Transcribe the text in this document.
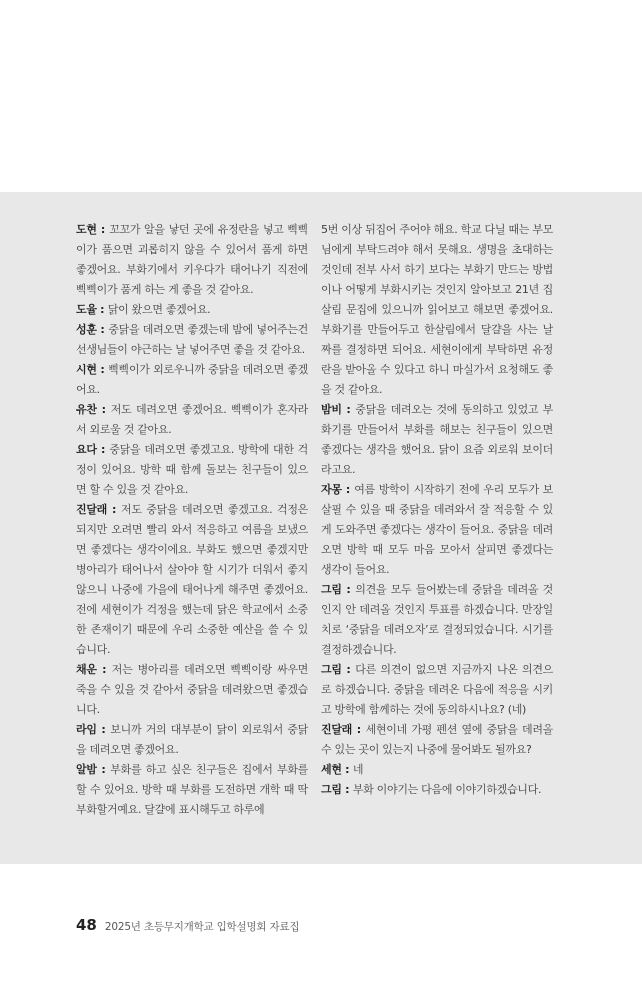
도현 : 꼬꼬가 알을 낳던 곳에 유정란을 넣고 삑삑이가 품으면 괴롭히지 않을 수 있어서 품게 하면 좋겠어요. 부화기에서 키우다가 태어나기 직전에 삑삑이가 품게 하는 게 좋을 것 같아요.

도율 : 닭이 왔으면 좋겠어요.

성훈 : 중닭을 데려오면 좋겠는데 밤에 넣어주는건 선생님들이 야근하는 날 넣어주면 좋을 것 같아요.

시현 : 삑삑이가 외로우니까 중닭을 데려오면 좋겠어요.

유찬 : 저도 데려오면 좋겠어요. 삑삑이가 혼자라서 외로울 것 같아요.

요다 : 중닭을 데려오면 좋겠고요. 방학에 대한 걱정이 있어요. 방학 때 함께 돌보는 친구들이 있으면 할 수 있을 것 같아요.

진달래 : 저도 중닭을 데려오면 좋겠고요. 걱정은 되지만 오려면 빨리 와서 적응하고 여름을 보냈으면 좋겠다는 생각이에요. 부화도 했으면 좋겠지만 병아리가 태어나서 살아야 할 시기가 더워서 좋지 않으니 나중에 가을에 태어나게 해주면 좋겠어요. 전에 세현이가 걱정을 했는데 닭은 학교에서 소중한 존재이기 때문에 우리 소중한 예산을 쓸 수 있습니다.

채운 : 저는 병아리를 데려오면 삑삑이랑 싸우면 죽을 수 있을 것 같아서 중닭을 데려왔으면 좋겠습니다.

라임 : 보니까 거의 대부분이 닭이 외로워서 중닭을 데려오면 좋겠어요.

알밤 : 부화를 하고 싶은 친구들은 집에서 부화를 할 수 있어요. 방학 때 부화를 도전하면 개학 때 딱 부화할거예요. 달걀에 표시해두고 하루에

5번 이상 뒤집어 주어야 해요. 학교 다닐 때는 부모님에게 부탁드려야 해서 못해요. 생명을 초대하는 것인데 전부 사서 하기 보다는 부화기 만드는 방법이나 어떻게 부화시키는 것인지 알아보고 21년 집살림 문집에 있으니까 읽어보고 해보면 좋겠어요. 부화기를 만들어두고 한살림에서 달걀을 사는 날짜를 결정하면 되어요. 세현이에게 부탁하면 유정란을 받아올 수 있다고 하니 마실가서 요청해도 좋을 것 같아요.

밤비 : 중닭을 데려오는 것에 동의하고 있었고 부화기를 만들어서 부화를 해보는 친구들이 있으면 좋겠다는 생각을 했어요. 닭이 요즘 외로워 보이더라고요.

자몽 : 여름 방학이 시작하기 전에 우리 모두가 보살필 수 있을 때 중닭을 데려와서 잘 적응할 수 있게 도와주면 좋겠다는 생각이 들어요. 중닭을 데려오면 방학 때 모두 마음 모아서 살피면 좋겠다는 생각이 들어요.

그림 : 의견을 모두 들어봤는데 중닭을 데려올 것인지 안 데려올 것인지 투표를 하겠습니다. 만장일치로 ‘중닭을 데려오자’로 결정되었습니다. 시기를 결정하겠습니다.

그림 : 다른 의견이 없으면 지금까지 나온 의견으로 하겠습니다. 중닭을 데려온 다음에 적응을 시키고 방학에 함께하는 것에 동의하시나요? (네)

진달래 : 세현이네 가평 펜션 옆에 중닭을 데려올 수 있는 곳이 있는지 나중에 물어봐도 될까요?

세현 : 네

그림 : 부화 이야기는 다음에 이야기하겠습니다.

48 2025년 초등무지개학교 입학설명회 자료집
